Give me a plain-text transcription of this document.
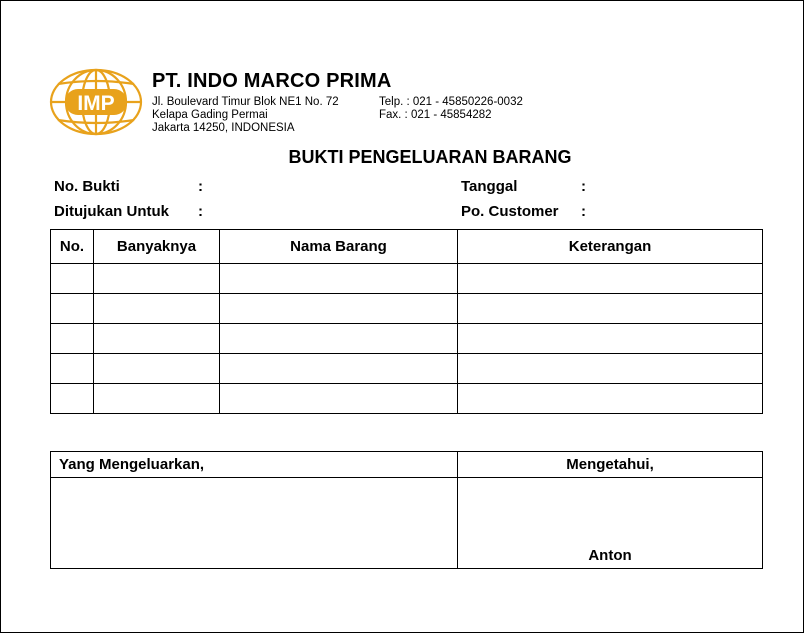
IMP
PT. INDO MARCO PRIMA
Jl. Boulevard Timur Blok NE1 No. 72
Kelapa Gading Permai
Jakarta 14250, INDONESIA
Telp. : 021 - 45850226-0032
Fax. : 021 - 45854282
BUKTI PENGELUARAN BARANG
No. Bukti	:
Ditujukan Untuk :
Tanggal	:
Po. Customer :
No.	Banyaknya	Nama Barang	Keterangan

Yang Mengeluarkan,	Mengetahui,
	Anton
